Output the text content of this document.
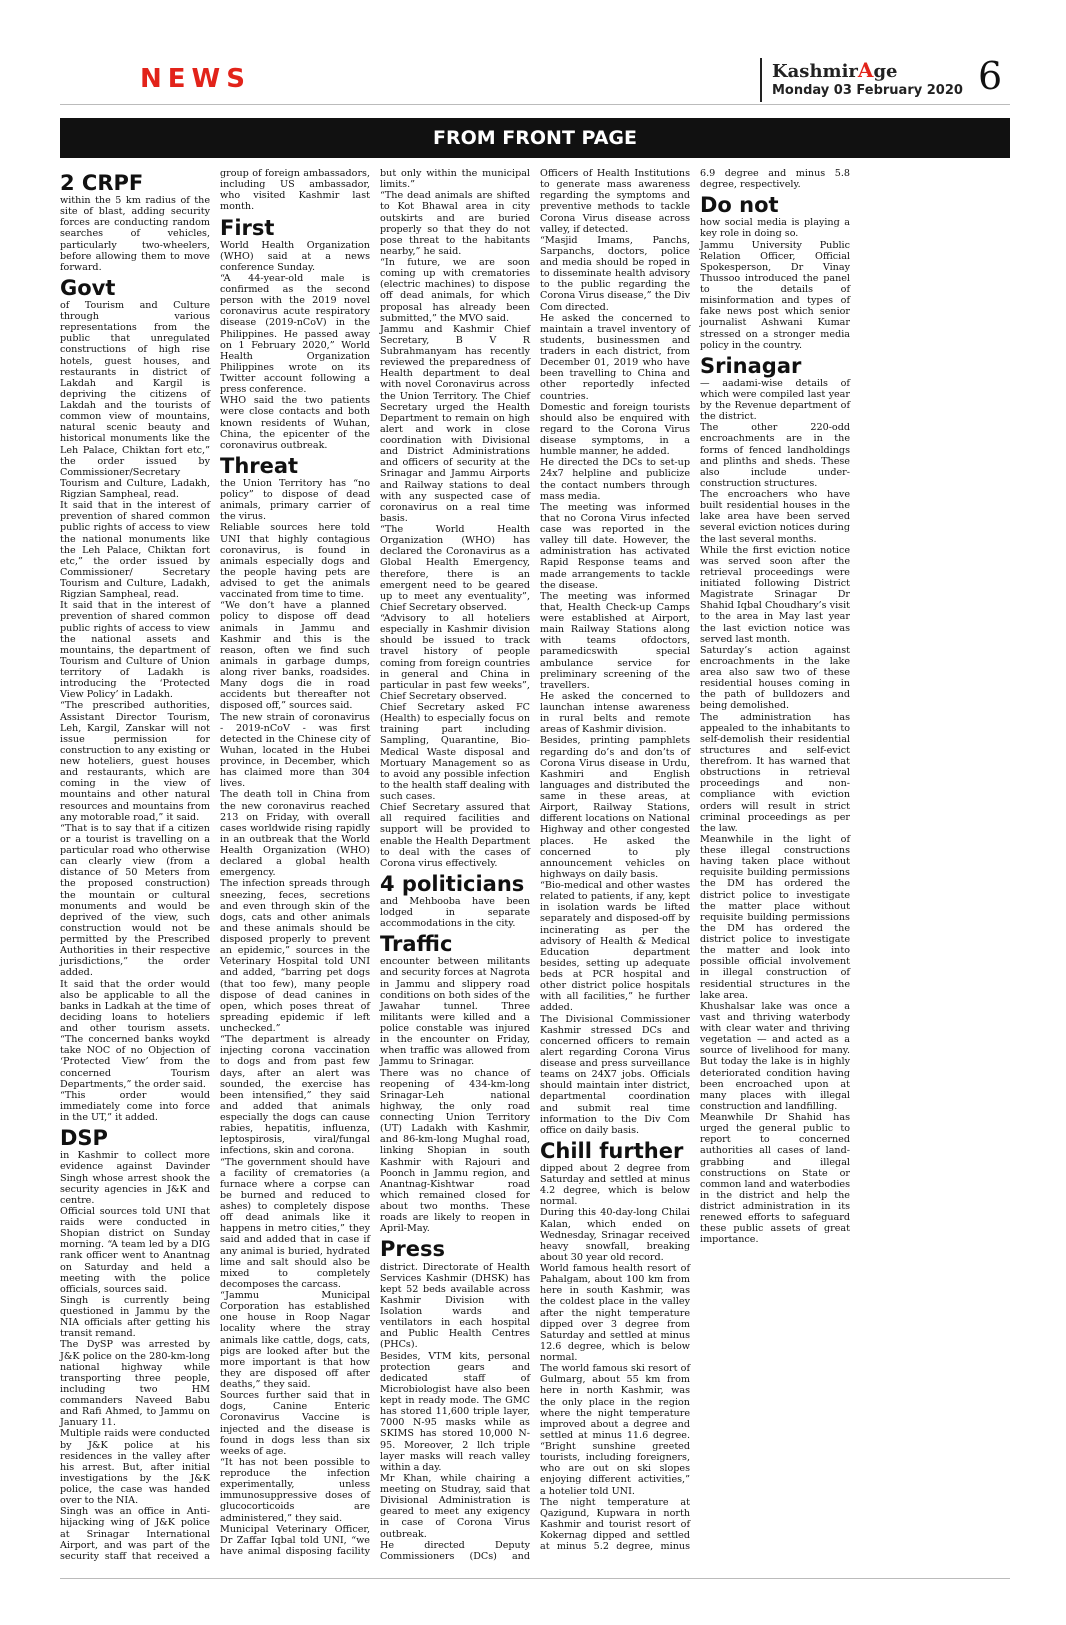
NEWS	KashmirAge
Monday 03 February 2020 6
FROM FRONT PAGE
2 CRPF

within the 5 km radius of the site of blast, adding security forces are conducting random searches of vehicles, particularly two-wheelers, before allowing them to move forward.

Govt

of Tourism and Culture through various representations from the public that unregulated constructions of high rise hotels, guest houses, and restaurants in district of Lakdah and Kargil is depriving the citizens of Lakdah and the tourists of common view of mountains, natural scenic beauty and historical monuments like the Leh Palace, Chiktan fort etc,” the order issued by Commissioner/Secretary Tourism and Culture, Ladakh, Rigzian Sampheal, read.

It said that in the interest of prevention of shared common public rights of access to view the national monuments like the Leh Palace, Chiktan fort etc,” the order issued by Commissioner/ Secretary Tourism and Culture, Ladakh, Rigzian Sampheal, read.

It said that in the interest of prevention of shared common public rights of access to view the national assets and mountains, the department of Tourism and Culture of Union territory of Ladakh is introducing the ‘Protected View Policy’ in Ladakh.

“The prescribed authorities, Assistant Director Tourism, Leh, Kargil, Zanskar will not issue permission for construction to any existing or new hoteliers, guest houses and restaurants, which are coming in the view of mountains and other natural resources and mountains from any motorable road,” it said.

“That is to say that if a citizen or a tourist is travelling on a particular road who otherwise can clearly view (from a distance of 50 Meters from the proposed construction) the mountain or cultural monuments and would be deprived of the view, such construction would not be permitted by the Prescribed Authorities in their respective jurisdictions,” the order added.

It said that the order would also be applicable to all the banks in Ladkah at the time of deciding loans to hoteliers and other tourism assets. “The concerned banks woykd take NOC of no Objection of ‘Protected View’ from the concerned Tourism Departments,” the order said.

“This order would immediately come into force in the UT,” it added.

DSP

in Kashmir to collect more evidence against Davinder Singh whose arrest shook the security agencies in J&K and centre.

Official sources told UNI that raids were conducted in Shopian district on Sunday morning. “A team led by a DIG rank officer went to Anantnag on Saturday and held a meeting with the police officials, sources said.

Singh is currently being questioned in Jammu by the NIA officials after getting his transit remand.

The DySP was arrested by J&K police on the 280-km-long national highway while transporting three people, including two HM commanders Naveed Babu and Rafi Ahmed, to Jammu on January 11.

Multiple raids were conducted by J&K police at his residences in the valley after his arrest. But, after initial investigations by the J&K police, the case was handed over to the NIA.

Singh was an office in Anti-hijacking wing of J&K police at Srinagar International Airport, and was part of the security staff that received a group of foreign ambassadors, including US ambassador, who visited Kashmir last month.

First

World Health Organization (WHO) said at a news conference Sunday.

“A 44-year-old male is confirmed as the second person with the 2019 novel coronavirus acute respiratory disease (2019-nCoV) in the Philippines. He passed away on 1 February 2020,” World Health Organization Philippines wrote on its Twitter account following a press conference.

WHO said the two patients were close contacts and both known residents of Wuhan, China, the epicenter of the coronavirus outbreak.

Threat

the Union Territory has “no policy” to dispose of dead animals, primary carrier of the virus.

Reliable sources here told UNI that highly contagious coronavirus, is found in animals especially dogs and the people having pets are advised to get the animals vaccinated from time to time.

“We don’t have a planned policy to dispose off dead animals in Jammu and Kashmir and this is the reason, often we find such animals in garbage dumps, along river banks, roadsides. Many dogs die in road accidents but thereafter not disposed off,” sources said.

The new strain of coronavirus - 2019-nCoV - was first detected in the Chinese city of Wuhan, located in the Hubei province, in December, which has claimed more than 304 lives.

The death toll in China from the new coronavirus reached 213 on Friday, with overall cases worldwide rising rapidly in an outbreak that the World Health Organization (WHO) declared a global health emergency.

The infection spreads through sneezing, feces, secretions and even through skin of the dogs, cats and other animals and these animals should be disposed properly to prevent an epidemic,” sources in the Veterinary Hospital told UNI and added, “barring pet dogs (that too few), many people dispose of dead canines in open, which poses threat of spreading epidemic if left unchecked.”

“The department is already injecting corona vaccination to dogs and from past few days, after an alert was sounded, the exercise has been intensified,” they said and added that animals especially the dogs can cause rabies, hepatitis, influenza, leptospirosis, viral/fungal infections, skin and corona.

“The government should have a facility of crematories (a furnace where a corpse can be burned and reduced to ashes) to completely dispose off dead animals like it happens in metro cities,” they said and added that in case if any animal is buried, hydrated lime and salt should also be mixed to completely decomposes the carcass.

“Jammu Municipal Corporation has established one house in Roop Nagar locality where the stray animals like cattle, dogs, cats, pigs are looked after but the more important is that how they are disposed off after deaths,” they said.

Sources further said that in dogs, Canine Enteric Coronavirus Vaccine is injected and the disease is found in dogs less than six weeks of age.

“It has not been possible to reproduce the infection experimentally, unless immunosuppressive doses of glucocorticoids are administered,” they said.

Municipal Veterinary Officer, Dr Zaffar Iqbal told UNI, “we have animal disposing facility but only within the municipal limits.”

“The dead animals are shifted to Kot Bhawal area in city outskirts and are buried properly so that they do not pose threat to the habitants nearby,” he said.

“In future, we are soon coming up with crematories (electric machines) to dispose off dead animals, for which proposal has already been submitted,” the MVO said.

Jammu and Kashmir Chief Secretary, B V R Subrahmanyam has recently reviewed the preparedness of Health department to deal with novel Coronavirus across the Union Territory. The Chief Secretary urged the Health Department to remain on high alert and work in close coordination with Divisional and District Administrations and officers of security at the Srinagar and Jammu Airports and Railway stations to deal with any suspected case of coronavirus on a real time basis.

“The World Health Organization (WHO) has declared the Coronavirus as a Global Health Emergency, therefore, there is an emergent need to be geared up to meet any eventuality”, Chief Secretary observed.

“Advisory to all hoteliers especially in Kashmir division should be issued to track travel history of people coming from foreign countries in general and China in particular in past few weeks”, Chief Secretary observed.

Chief Secretary asked FC (Health) to especially focus on training part including Sampling, Quarantine, Bio-Medical Waste disposal and Mortuary Management so as to avoid any possible infection to the health staff dealing with such cases.

Chief Secretary assured that all required facilities and support will be provided to enable the Health Department to deal with the cases of Corona virus effectively.

4 politicians

and Mehbooba have been lodged in separate accommodations in the city.

Traffic

encounter between militants and security forces at Nagrota in Jammu and slippery road conditions on both sides of the Jawahar tunnel. Three militants were killed and a police constable was injured in the encounter on Friday, when traffic was allowed from Jammu to Srinagar.

There was no chance of reopening of 434-km-long Srinagar-Leh national highway, the only road connecting Union Territory (UT) Ladakh with Kashmir, and 86-km-long Mughal road, linking Shopian in south Kashmir with Rajouri and Poonch in Jammu region, and Anantnag-Kishtwar road which remained closed for about two months. These roads are likely to reopen in April-May.

Press

district. Directorate of Health Services Kashmir (DHSK) has kept 52 beds available across Kashmir Division with Isolation wards and ventilators in each hospital and Public Health Centres (PHCs).

Besides, VTM kits, personal protection gears and dedicated staff of Microbiologist have also been kept in ready mode. The GMC has stored 11,600 triple layer, 7000 N-95 masks while as SKIMS has stored 10,000 N-95. Moreover, 2 llch triple layer masks will reach valley within a day.

Mr Khan, while chairing a meeting on Studray, said that Divisional Administration is geared to meet any exigency in case of Corona Virus outbreak.

He directed Deputy Commissioners (DCs) and Officers of Health Institutions to generate mass awareness regarding the symptoms and preventive methods to tackle Corona Virus disease across valley, if detected.

“Masjid Imams, Panchs, Sarpanchs, doctors, police and media should be roped in to disseminate health advisory to the public regarding the Corona Virus disease,” the Div Com directed.

He asked the concerned to maintain a travel inventory of students, businessmen and traders in each district, from December 01, 2019 who have been travelling to China and other reportedly infected countries.

Domestic and foreign tourists should also be enquired with regard to the Corona Virus disease symptoms, in a humble manner, he added.

He directed the DCs to set-up 24x7 helpline and publicize the contact numbers through mass media.

The meeting was informed that no Corona Virus infected case was reported in the valley till date. However, the administration has activated Rapid Response teams and made arrangements to tackle the disease.

The meeting was informed that, Health Check-up Camps were established at Airport, main Railway Stations along with teams ofdoctors, paramedicswith special ambulance service for preliminary screening of the travellers.

He asked the concerned to launchan intense awareness in rural belts and remote areas of Kashmir division.

Besides, printing pamphlets regarding do’s and don’ts of Corona Virus disease in Urdu, Kashmiri and English languages and distributed the same in these areas, at Airport, Railway Stations, different locations on National Highway and other congested places. He asked the concerned to ply announcement vehicles on highways on daily basis.

“Bio-medical and other wastes related to patients, if any, kept in isolation wards be lifted separately and disposed-off by incinerating as per the advisory of Health & Medical Education department besides, setting up adequate beds at PCR hospital and other district police hospitals with all facilities,” he further added.

The Divisional Commissioner Kashmir stressed DCs and concerned officers to remain alert regarding Corona Virus disease and press surveillance teams on 24X7 jobs. Officials should maintain inter district, departmental coordination and submit real time information to the Div Com office on daily basis.

Chill further

dipped about 2 degree from Saturday and settled at minus 4.2 degree, which is below normal.

During this 40-day-long Chilai Kalan, which ended on Wednesday, Srinagar received heavy snowfall, breaking about 30 year old record.

World famous health resort of Pahalgam, about 100 km from here in south Kashmir, was the coldest place in the valley after the night temperature dipped over 3 degree from Saturday and settled at minus 12.6 degree, which is below normal.

The world famous ski resort of Gulmarg, about 55 km from here in north Kashmir, was the only place in the region where the night temperature improved about a degree and settled at minus 11.6 degree. “Bright sunshine greeted tourists, including foreigners, who are out on ski slopes enjoying different activities,” a hotelier told UNI.

The night temperature at Qazigund, Kupwara in north Kashmir and tourist resort of Kokernag dipped and settled at minus 5.2 degree, minus 6.9 degree and minus 5.8 degree, respectively.

Do not

how social media is playing a key role in doing so.

Jammu University Public Relation Officer, Official Spokesperson, Dr Vinay Thussoo introduced the panel to the details of misinformation and types of fake news post which senior journalist Ashwani Kumar stressed on a stronger media policy in the country.

Srinagar

— aadami-wise details of which were compiled last year by the Revenue department of the district.

The other 220-odd encroachments are in the forms of fenced landholdings and plinths and sheds. These also include under-construction structures.

The encroachers who have built residential houses in the lake area have been served several eviction notices during the last several months.

While the first eviction notice was served soon after the retrieval proceedings were initiated following District Magistrate Srinagar Dr Shahid Iqbal Choudhary’s visit to the area in May last year the last eviction notice was served last month.

Saturday’s action against encroachments in the lake area also saw two of these residential houses coming in the path of bulldozers and being demolished.

The administration has appealed to the inhabitants to self-demolish their residential structures and self-evict therefrom. It has warned that obstructions in retrieval proceedings and non-compliance with eviction orders will result in strict criminal proceedings as per the law.

Meanwhile in the light of these illegal constructions having taken place without requisite building permissions the DM has ordered the district police to investigate the matter place without requisite building permissions the DM has ordered the district police to investigate the matter and look into possible official involvement in illegal construction of residential structures in the lake area.

Khushalsar lake was once a vast and thriving waterbody with clear water and thriving vegetation — and acted as a source of livelihood for many. But today the lake is in highly deteriorated condition having been encroached upon at many places with illegal construction and landfilling.

Meanwhile Dr Shahid has urged the general public to report to concerned authorities all cases of land-grabbing and illegal constructions on State or common land and waterbodies in the district and help the district administration in its renewed efforts to safeguard these public assets of great importance.
